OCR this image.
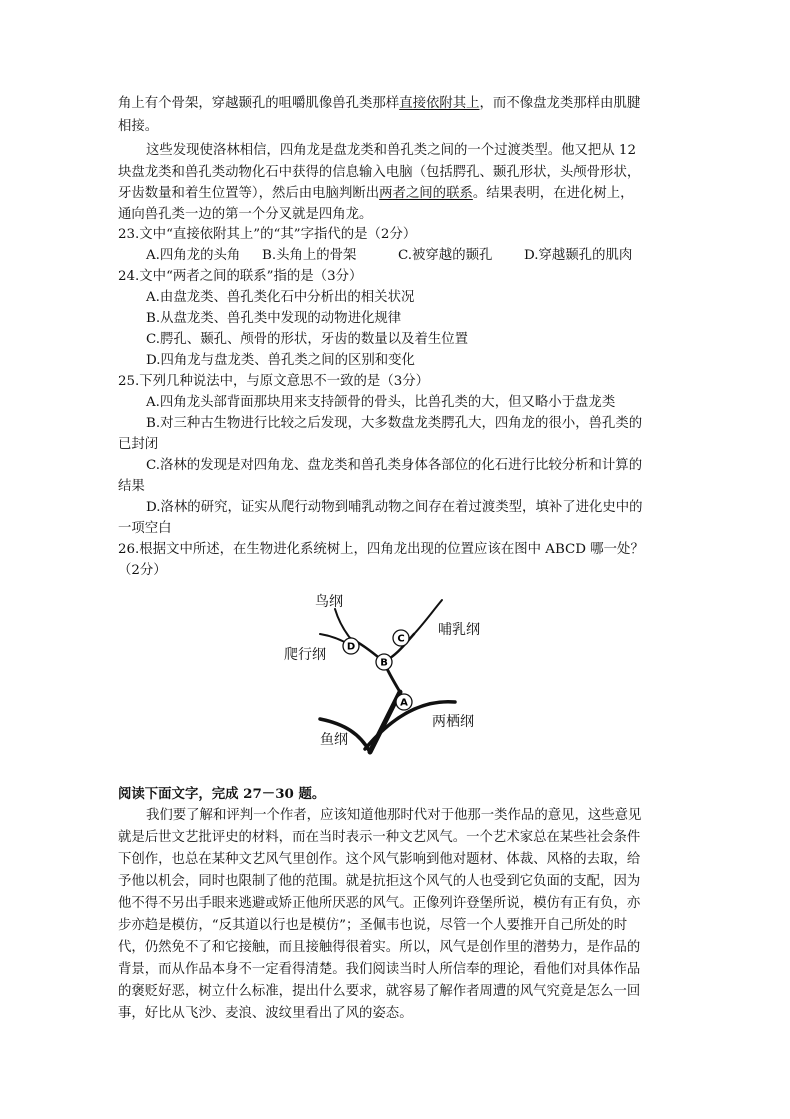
角上有个骨架，穿越颞孔的咀嚼肌像兽孔类那样直接依附其上，而不像盘龙类那样由肌腱
相接。
这些发现使洛林相信，四角龙是盘龙类和兽孔类之间的一个过渡类型。他又把从 12
块盘龙类和兽孔类动物化石中获得的信息输入电脑（包括腭孔、颞孔形状，头颅骨形状，
牙齿数量和着生位置等），然后由电脑判断出两者之间的联系。结果表明，在进化树上，
通向兽孔类一边的第一个分叉就是四角龙。
23.文中“直接依附其上”的“其”字指代的是（2分）
A.四角龙的头角 B.头角上的骨架	C.被穿越的颞孔 D.穿越颞孔的肌肉
24.文中“两者之间的联系”指的是（3分）
A.由盘龙类、兽孔类化石中分析出的相关状况
B.从盘龙类、兽孔类中发现的动物进化规律
C.腭孔、颞孔、颅骨的形状，牙齿的数量以及着生位置
D.四角龙与盘龙类、兽孔类之间的区别和变化
25.下列几种说法中，与原文意思不一致的是（3分）
A.四角龙头部背面那块用来支持颌骨的骨头，比兽孔类的大，但又略小于盘龙类
B.对三种古生物进行比较之后发现，大多数盘龙类腭孔大，四角龙的很小，兽孔类的
已封闭
C.洛林的发现是对四角龙、盘龙类和兽孔类身体各部位的化石进行比较分析和计算的
结果
D.洛林的研究，证实从爬行动物到哺乳动物之间存在着过渡类型，填补了进化史中的
一项空白
26.根据文中所述，在生物进化系统树上，四角龙出现的位置应该在图中 ABCD 哪一处？
（2分）
鸟纲
哺乳纲
爬行纲
两栖纲
鱼纲
D
C
B
A
阅读下面文字，完成 27－30 题。
我们要了解和评判一个作者，应该知道他那时代对于他那一类作品的意见，这些意见
就是后世文艺批评史的材料，而在当时表示一种文艺风气。一个艺术家总在某些社会条件
下创作，也总在某种文艺风气里创作。这个风气影响到他对题材、体裁、风格的去取，给
予他以机会，同时也限制了他的范围。就是抗拒这个风气的人也受到它负面的支配，因为
他不得不另出手眼来逃避或矫正他所厌恶的风气。正像列许登堡所说，模仿有正有负，亦
步亦趋是模仿，“反其道以行也是模仿”；圣佩韦也说，尽管一个人要推开自己所处的时
代，仍然免不了和它接触，而且接触得很着实。所以，风气是创作里的潜势力，是作品的
背景，而从作品本身不一定看得清楚。我们阅读当时人所信奉的理论，看他们对具体作品
的褒贬好恶，树立什么标准，提出什么要求，就容易了解作者周遭的风气究竟是怎么一回
事，好比从飞沙、麦浪、波纹里看出了风的姿态。
